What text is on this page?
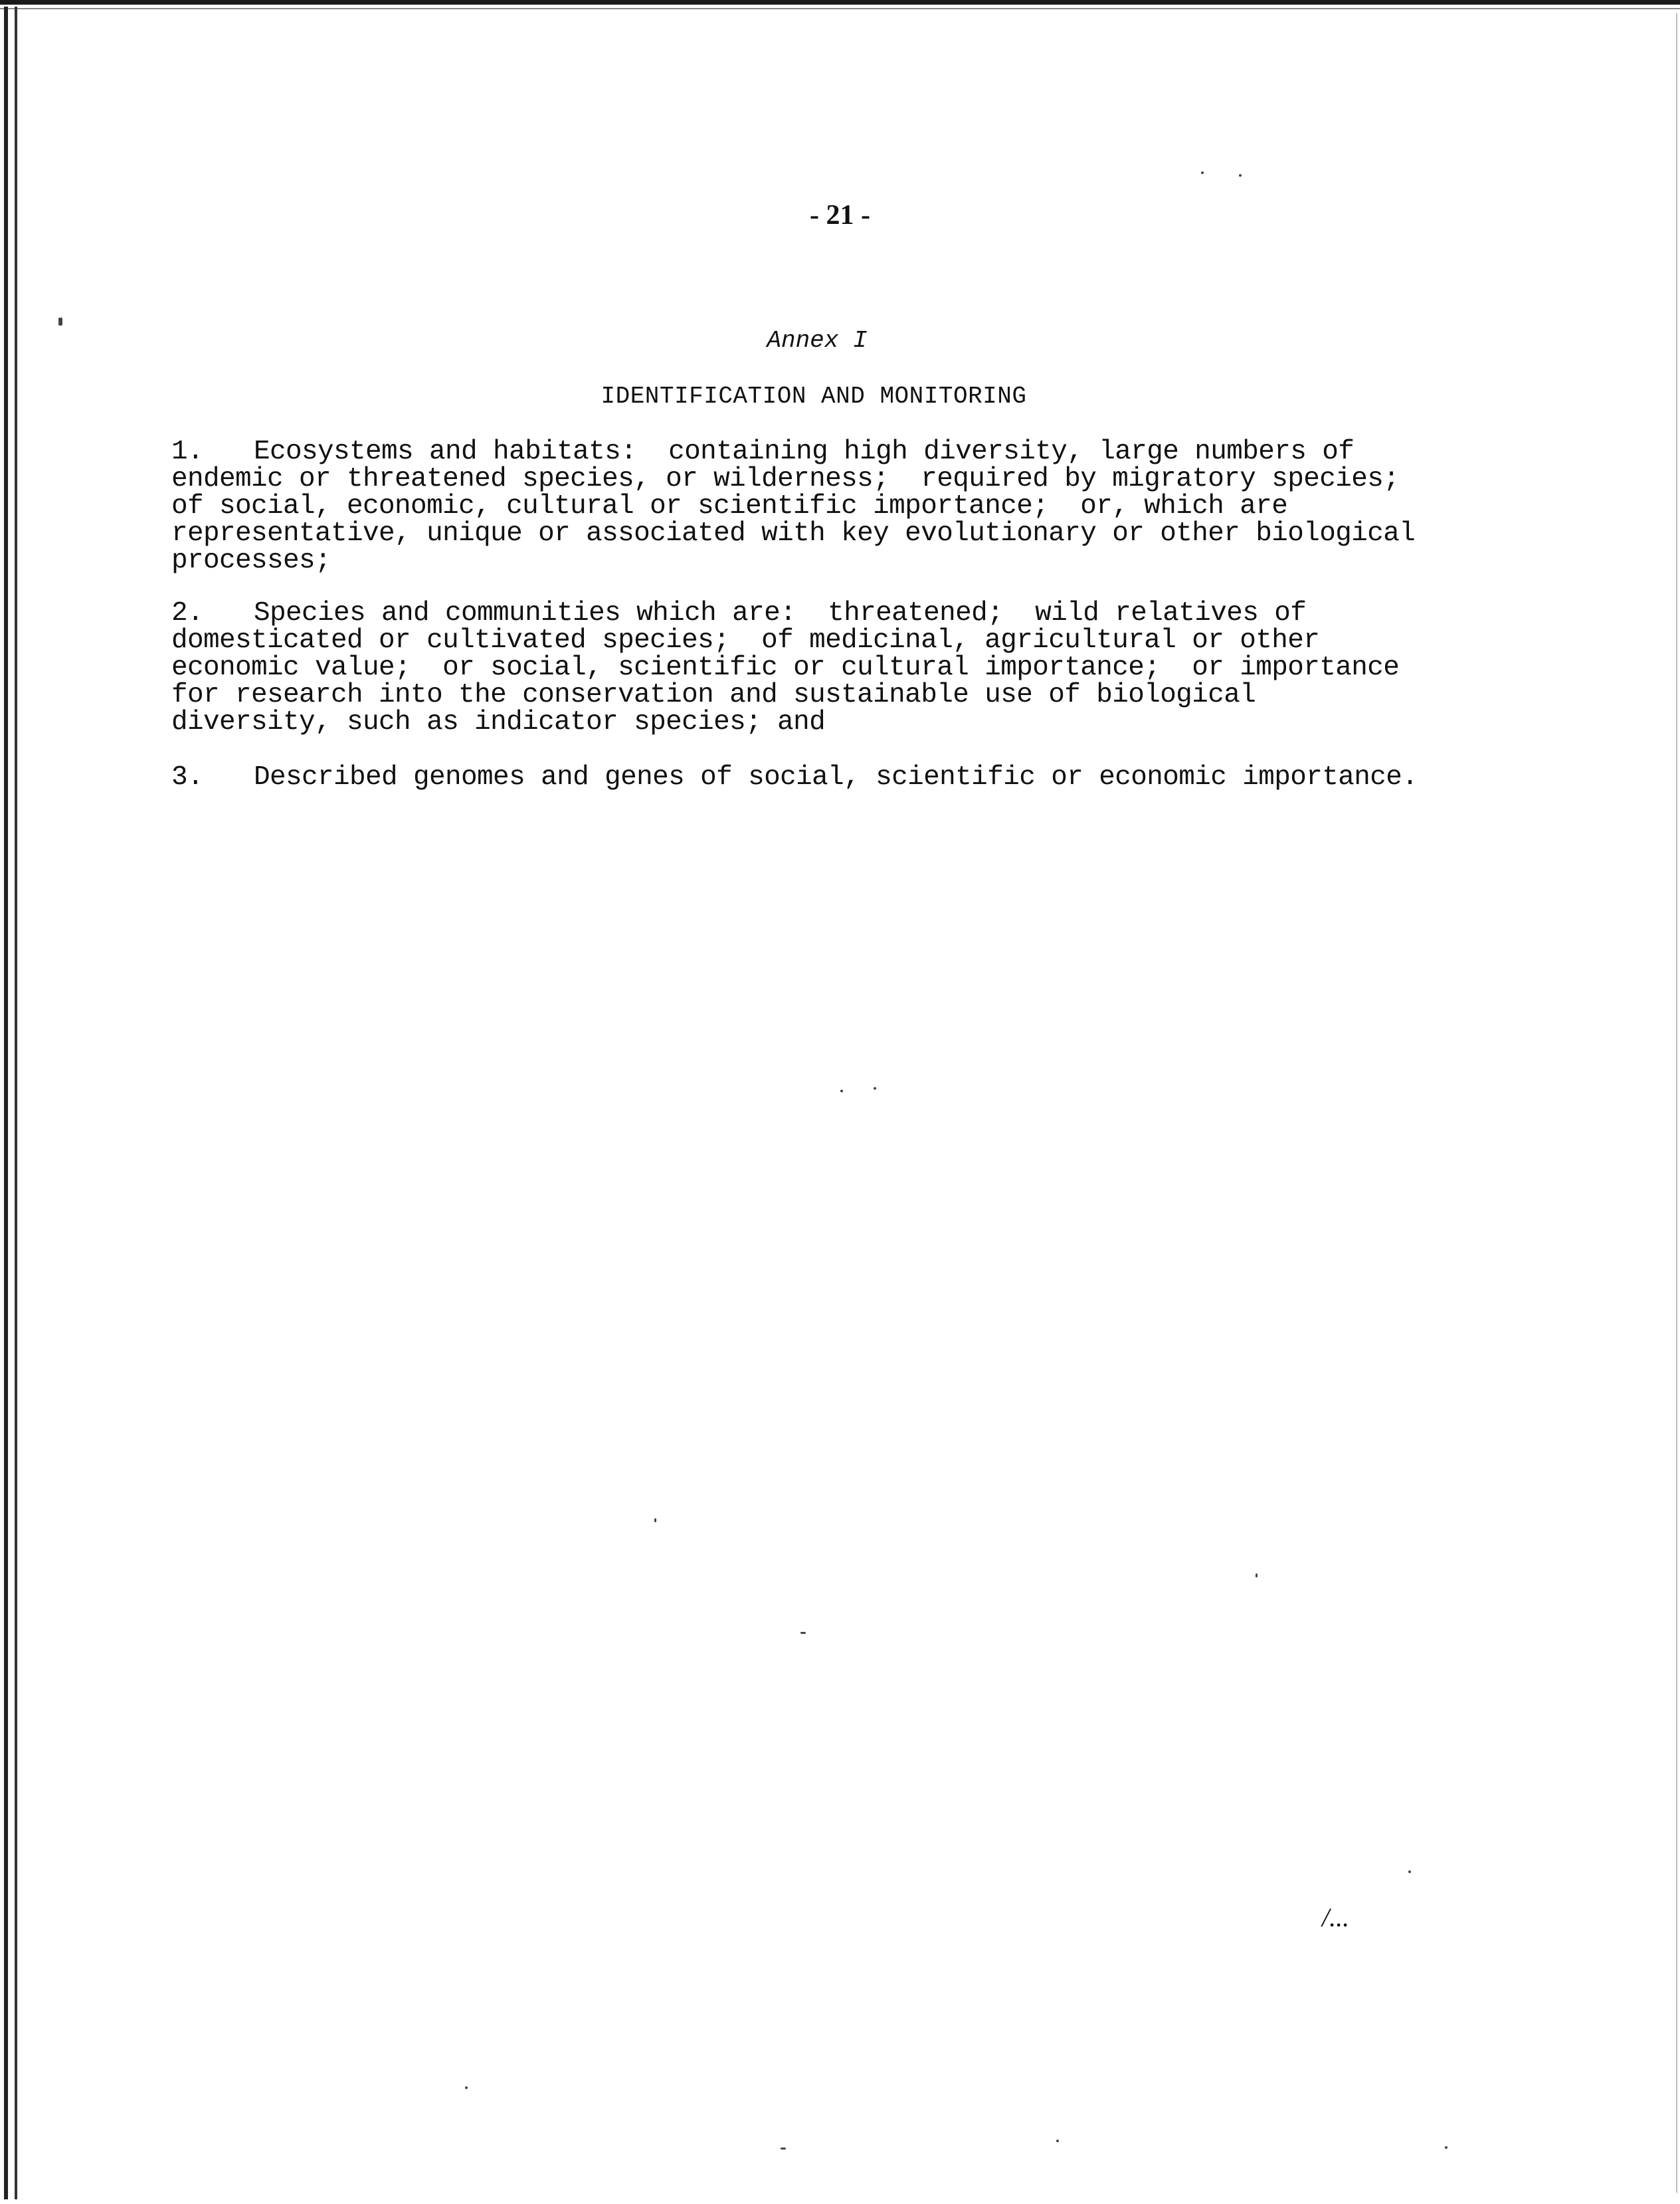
- 21 -
Annex I
IDENTIFICATION AND MONITORING
1. Ecosystems and habitats:  containing high diversity, large numbers of
endemic or threatened species, or wilderness;  required by migratory species;
of social, economic, cultural or scientific importance;  or, which are
representative, unique or associated with key evolutionary or other biological
processes;
2. Species and communities which are:  threatened;  wild relatives of
domesticated or cultivated species;  of medicinal, agricultural or other
economic value;  or social, scientific or cultural importance;  or importance
for research into the conservation and sustainable use of biological
diversity, such as indicator species; and
3. Described genomes and genes of social, scientific or economic importance.
/...
